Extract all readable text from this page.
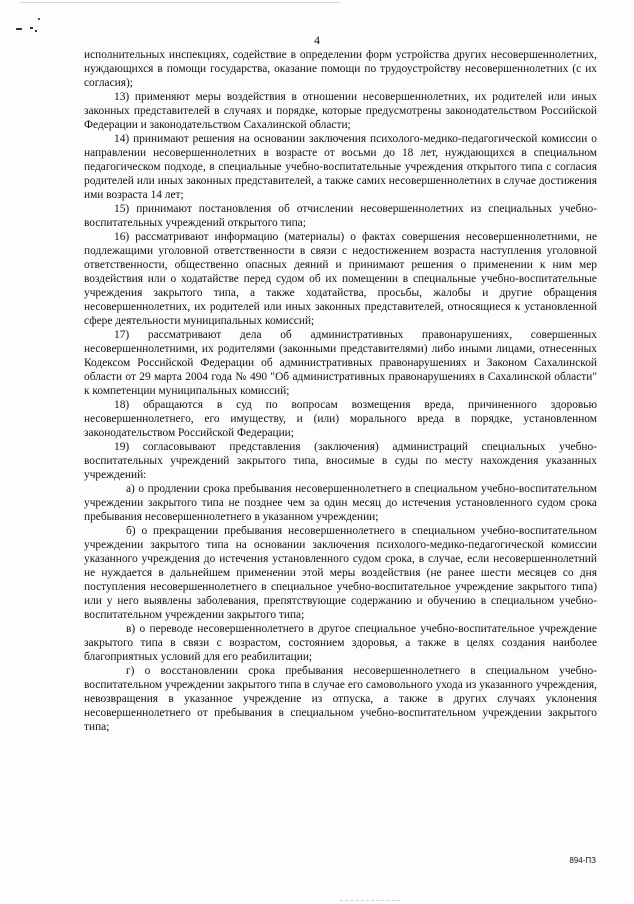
4

исполнительных инспекциях, содействие в определении форм устройства других несовершеннолетних, нуждающихся в помощи государства, оказание помощи по трудоустройству несовершеннолетних (с их согласия);

13) применяют меры воздействия в отношении несовершеннолетних, их родителей или иных законных представителей в случаях и порядке, которые предусмотрены законодательством Российской Федерации и законодательством Сахалинской области;

14) принимают решения на основании заключения психолого-медико-педагогической комиссии о направлении несовершеннолетних в возрасте от восьми до 18 лет, нуждающихся в специальном педагогическом подходе, в специальные учебно-воспитательные учреждения открытого типа с согласия родителей или иных законных представителей, а также самих несовершеннолетних в случае достижения ими возраста 14 лет;

15) принимают постановления об отчислении несовершеннолетних из специальных учебно-воспитательных учреждений открытого типа;

16) рассматривают информацию (материалы) о фактах совершения несовершеннолетними, не подлежащими уголовной ответственности в связи с недостижением возраста наступления уголовной ответственности, общественно опасных деяний и принимают решения о применении к ним мер воздействия или о ходатайстве перед судом об их помещении в специальные учебно-воспитательные учреждения закрытого типа, а также ходатайства, просьбы, жалобы и другие обращения несовершеннолетних, их родителей или иных законных представителей, относящиеся к установленной сфере деятельности муниципальных комиссий;

17) рассматривают дела об административных правонарушениях, совершенных несовершеннолетними, их родителями (законными представителями) либо иными лицами, отнесенных Кодексом Российской Федерации об административных правонарушениях и Законом Сахалинской области от 29 марта 2004 года № 490 "Об административных правонарушениях в Сахалинской области" к компетенции муниципальных комиссий;

18) обращаются в суд по вопросам возмещения вреда, причиненного здоровью несовершеннолетнего, его имуществу, и (или) морального вреда в порядке, установленном законодательством Российской Федерации;

19) согласовывают представления (заключения) администраций специальных учебно-воспитательных учреждений закрытого типа, вносимые в суды по месту нахождения указанных учреждений:

а) о продлении срока пребывания несовершеннолетнего в специальном учебно-воспитательном учреждении закрытого типа не позднее чем за один месяц до истечения установленного судом срока пребывания несовершеннолетнего в указанном учреждении;

б) о прекращении пребывания несовершеннолетнего в специальном учебно-воспитательном учреждении закрытого типа на основании заключения психолого-медико-педагогической комиссии указанного учреждения до истечения установленного судом срока, в случае, если несовершеннолетний не нуждается в дальнейшем применении этой меры воздействия (не ранее шести месяцев со дня поступления несовершеннолетнего в специальное учебно-воспитательное учреждение закрытого типа) или у него выявлены заболевания, препятствующие содержанию и обучению в специальном учебно-воспитательном учреждении закрытого типа;

в) о переводе несовершеннолетнего в другое специальное учебно-воспитательное учреждение закрытого типа в связи с возрастом, состоянием здоровья, а также в целях создания наиболее благоприятных условий для его реабилитации;

г) о восстановлении срока пребывания несовершеннолетнего в специальном учебно-воспитательном учреждении закрытого типа в случае его самовольного ухода из указанного учреждения, невозвращения в указанное учреждение из отпуска, а также в других случаях уклонения несовершеннолетнего от пребывания в специальном учебно-воспитательном учреждении закрытого типа;

894-ПЗ
